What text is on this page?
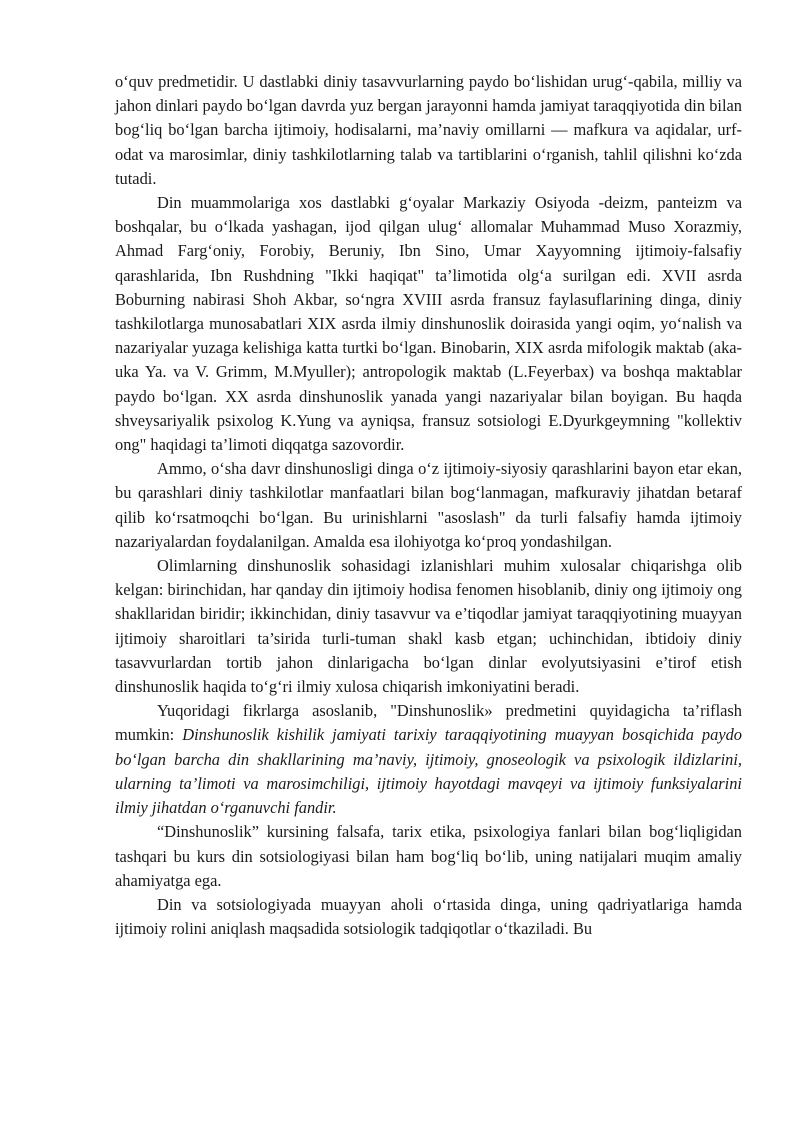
o‘quv predmetidir. U dastlabki diniy tasavvurlarning paydo bo‘lishidan urug‘-qabila, milliy va jahon dinlari paydo bo‘lgan davrda yuz bergan jarayonni hamda jamiyat taraqqiyotida din bilan bog‘liq bo‘lgan barcha ijtimoiy, hodisalarni, ma’naviy omillarni — mafkura va aqidalar, urf-odat va marosimlar, diniy tashkilotlarning talab va tartiblarini o‘rganish, tahlil qilishni ko‘zda tutadi.

Din muammolariga xos dastlabki g‘oyalar Markaziy Osiyoda -deizm, panteizm va boshqalar, bu o‘lkada yashagan, ijod qilgan ulug‘ allomalar Muhammad Muso Xorazmiy, Ahmad Farg‘oniy, Forobiy, Beruniy, Ibn Sino, Umar Xayyomning ijtimoiy-falsafiy qarashlarida, Ibn Rushdning "Ikki haqiqat" ta’limotida olg‘a surilgan edi. XVII asrda Boburning nabirasi Shoh Akbar, so‘ngra XVIII asrda fransuz faylasuflarining dinga, diniy tashkilotlarga munosabatlari XIX asrda ilmiy dinshunoslik doirasida yangi oqim, yo‘nalish va nazariyalar yuzaga kelishiga katta turtki bo‘lgan. Binobarin, XIX asrda mifologik maktab (aka-uka Ya. va V. Grimm, M.Myuller); antropologik maktab (L.Feyerbax) va boshqa maktablar paydo bo‘lgan. XX asrda dinshunoslik yanada yangi nazariyalar bilan boyigan. Bu haqda shveysariyalik psixolog K.Yung va ayniqsa, fransuz sotsiologi E.Dyurkgeymning "kollektiv ong" haqidagi ta’limoti diqqatga sazovordir.

Ammo, o‘sha davr dinshunosligi dinga o‘z ijtimoiy-siyosiy qarashlarini bayon etar ekan, bu qarashlari diniy tashkilotlar manfaatlari bilan bog‘lanmagan, mafkuraviy jihatdan betaraf qilib ko‘rsatmoqchi bo‘lgan. Bu urinishlarni "asoslash" da turli falsafiy hamda ijtimoiy nazariyalardan foydalanilgan. Amalda esa ilohiyotga ko‘proq yondashilgan.

Olimlarning dinshunoslik sohasidagi izlanishlari muhim xulosalar chiqarishga olib kelgan: birinchidan, har qanday din ijtimoiy hodisa fenomen hisoblanib, diniy ong ijtimoiy ong shakllaridan biridir; ikkinchidan, diniy tasavvur va e’tiqodlar jamiyat taraqqiyotining muayyan ijtimoiy sharoitlari ta’sirida turli-tuman shakl kasb etgan; uchinchidan, ibtidoiy diniy tasavvurlardan tortib jahon dinlarigacha bo‘lgan dinlar evolyutsiyasini e’tirof etish dinshunoslik haqida to‘g‘ri ilmiy xulosa chiqarish imkoniyatini beradi.

Yuqoridagi fikrlarga asoslanib, "Dinshunoslik» predmetini quyidagicha ta’riflash mumkin: Dinshunoslik kishilik jamiyati tarixiy taraqqiyotining muayyan bosqichida paydo bo‘lgan barcha din shakllarining ma’naviy, ijtimoiy, gnoseologik va psixologik ildizlarini, ularning ta’limoti va marosimchiligi, ijtimoiy hayotdagi mavqeyi va ijtimoiy funksiyalarini ilmiy jihatdan o‘rganuvchi fandir.

“Dinshunoslik” kursining falsafa, tarix etika, psixologiya fanlari bilan bog‘liqligidan tashqari bu kurs din sotsiologiyasi bilan ham bog‘liq bo‘lib, uning natijalari muqim amaliy ahamiyatga ega.

Din va sotsiologiyada muayyan aholi o‘rtasida dinga, uning qadriyatlariga hamda ijtimoiy rolini aniqlash maqsadida sotsiologik tadqiqotlar o‘tkaziladi. Bu
